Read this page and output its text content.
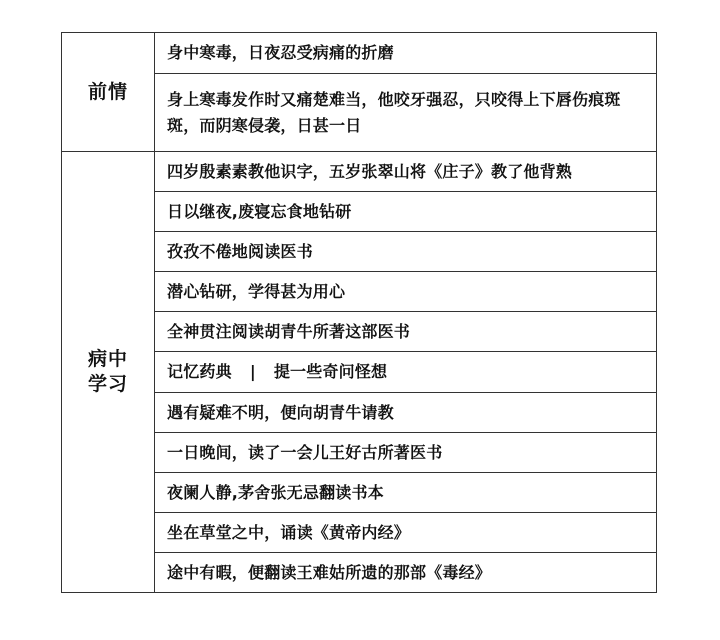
前情	身中寒毒，日夜忍受病痛的折磨
	身上寒毒发作时又痛楚难当，他咬牙强忍，只咬得上下唇伤痕斑斑，而阴寒侵袭，日甚一日
病中
学习	四岁殷素素教他识字，五岁张翠山将《庄子》教了他背熟
	日以继夜,废寝忘食地钻研
	孜孜不倦地阅读医书
	潜心钻研，学得甚为用心
	全神贯注阅读胡青牛所著这部医书
	记忆药典 | 提一些奇问怪想
	遇有疑难不明，便向胡青牛请教
	一日晚间，读了一会儿王好古所著医书
	夜阑人静,茅舍张无忌翻读书本
	坐在草堂之中，诵读《黄帝内经》
	途中有暇，便翻读王难姑所遗的那部《毒经》
